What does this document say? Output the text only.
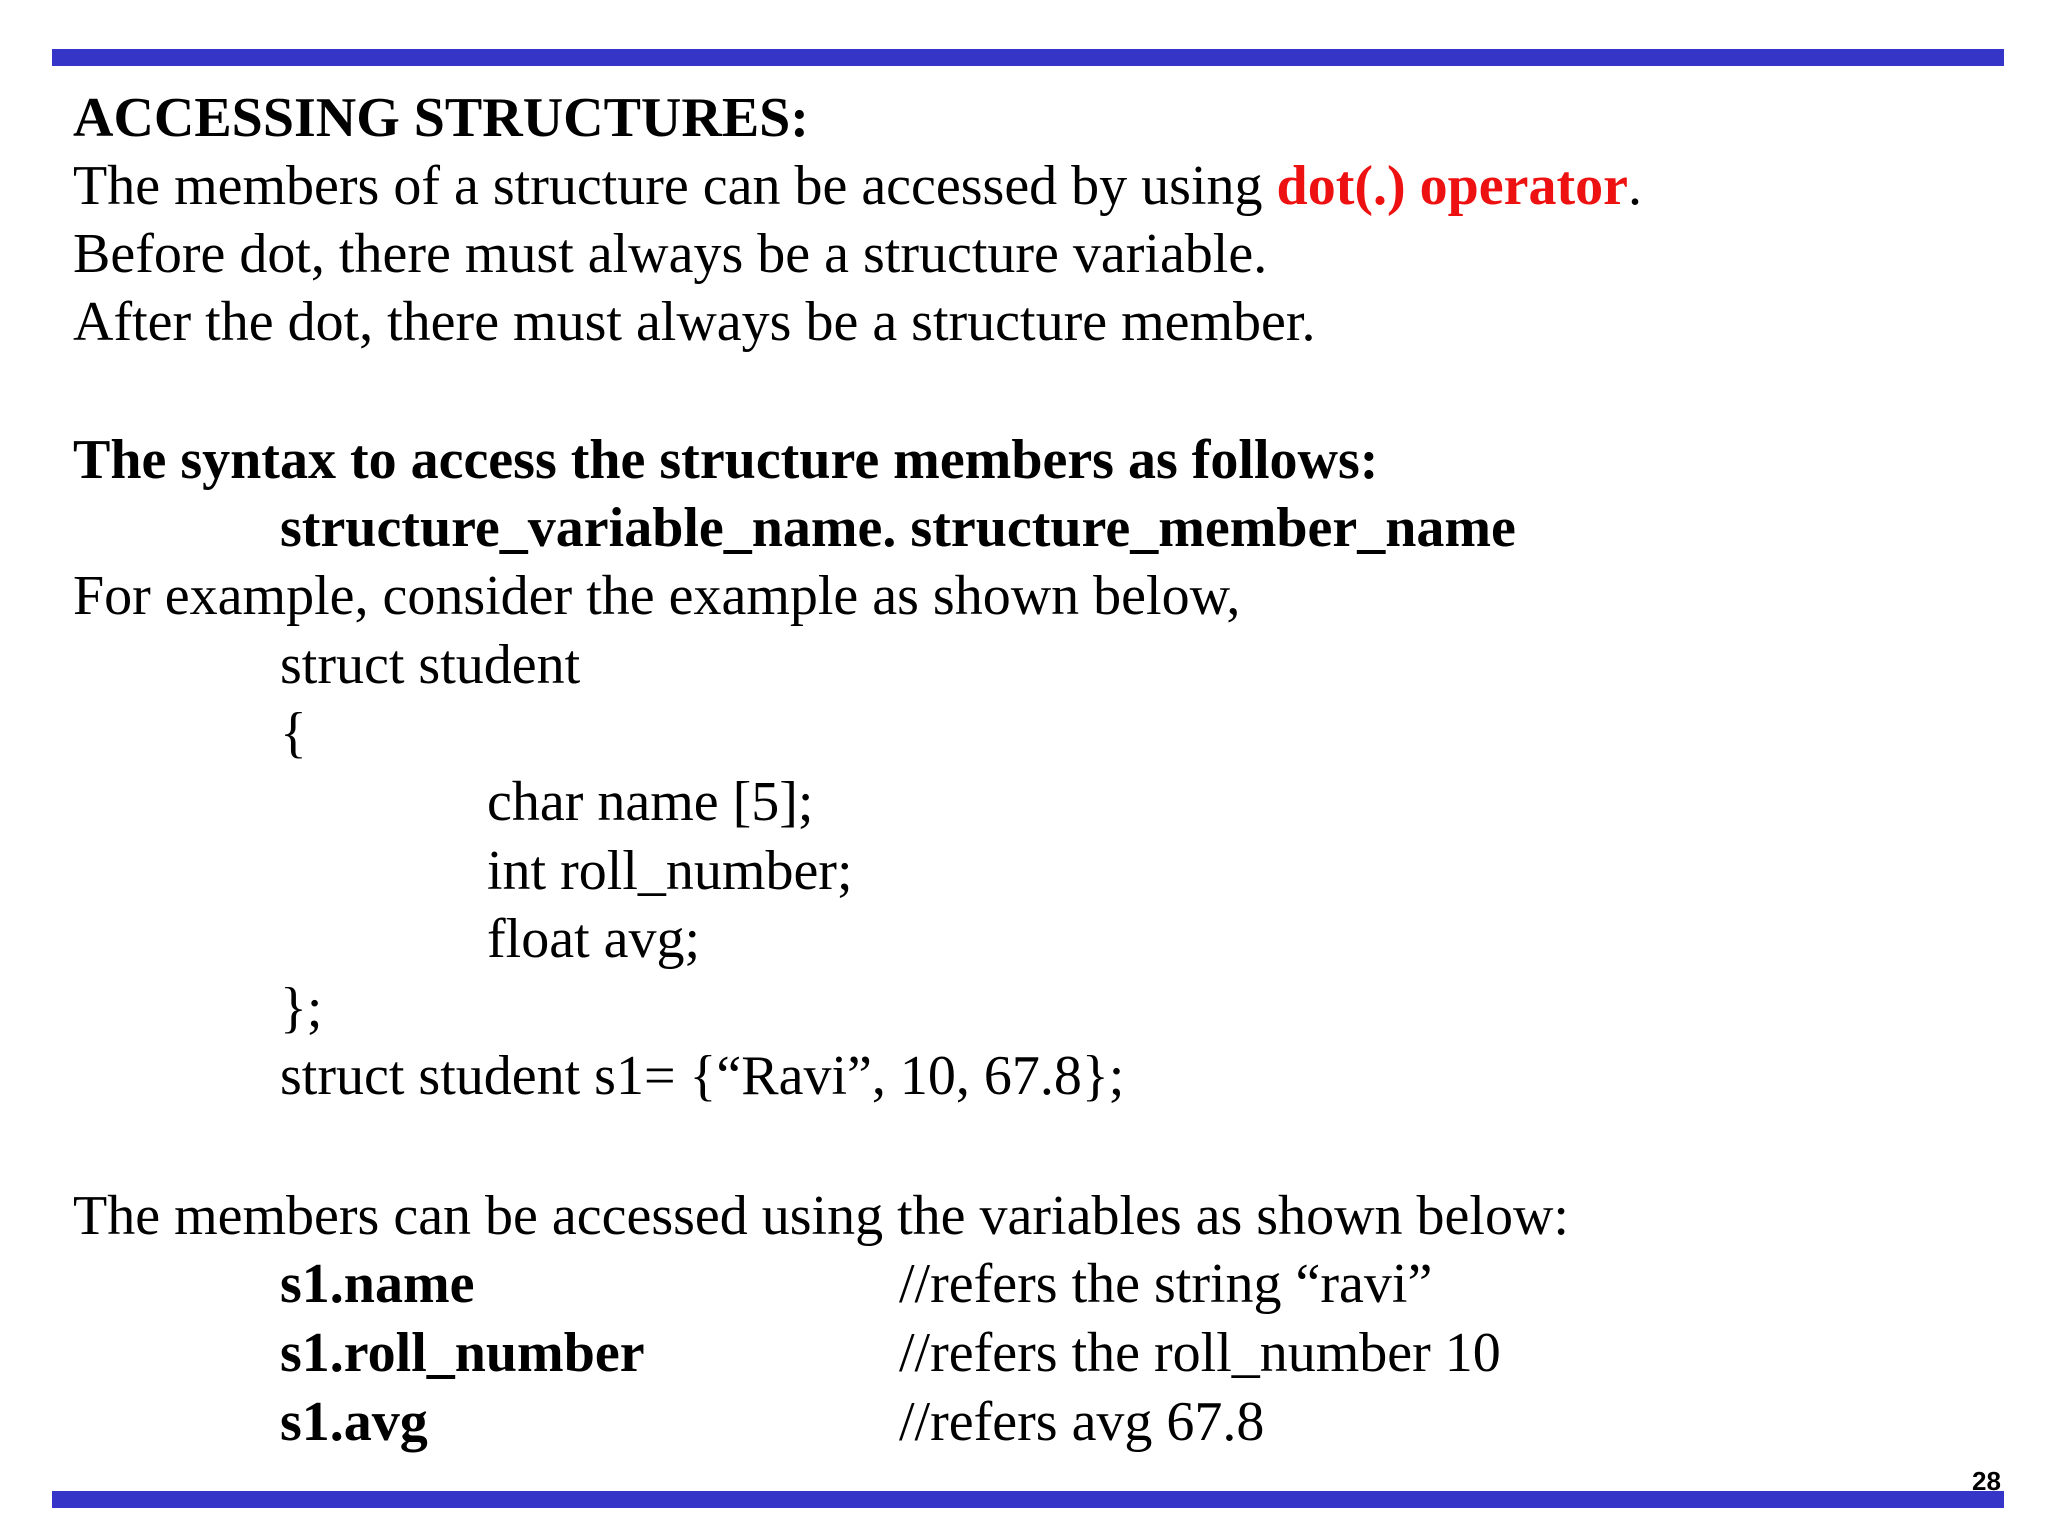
ACCESSING STRUCTURES:
The members of a structure can be accessed by using dot(.) operator.
Before dot, there must always be a structure variable.
After the dot, there must always be a structure member.
The syntax to access the structure members as follows:
structure_variable_name. structure_member_name
For example, consider the example as shown below,
struct student
{
char name [5];
int roll_number;
float avg;
};
struct student s1= {“Ravi”, 10, 67.8};
The members can be accessed using the variables as shown below:
s1.name	//refers the string “ravi”
s1.roll_number	//refers the roll_number 10
s1.avg	//refers avg 67.8
28
